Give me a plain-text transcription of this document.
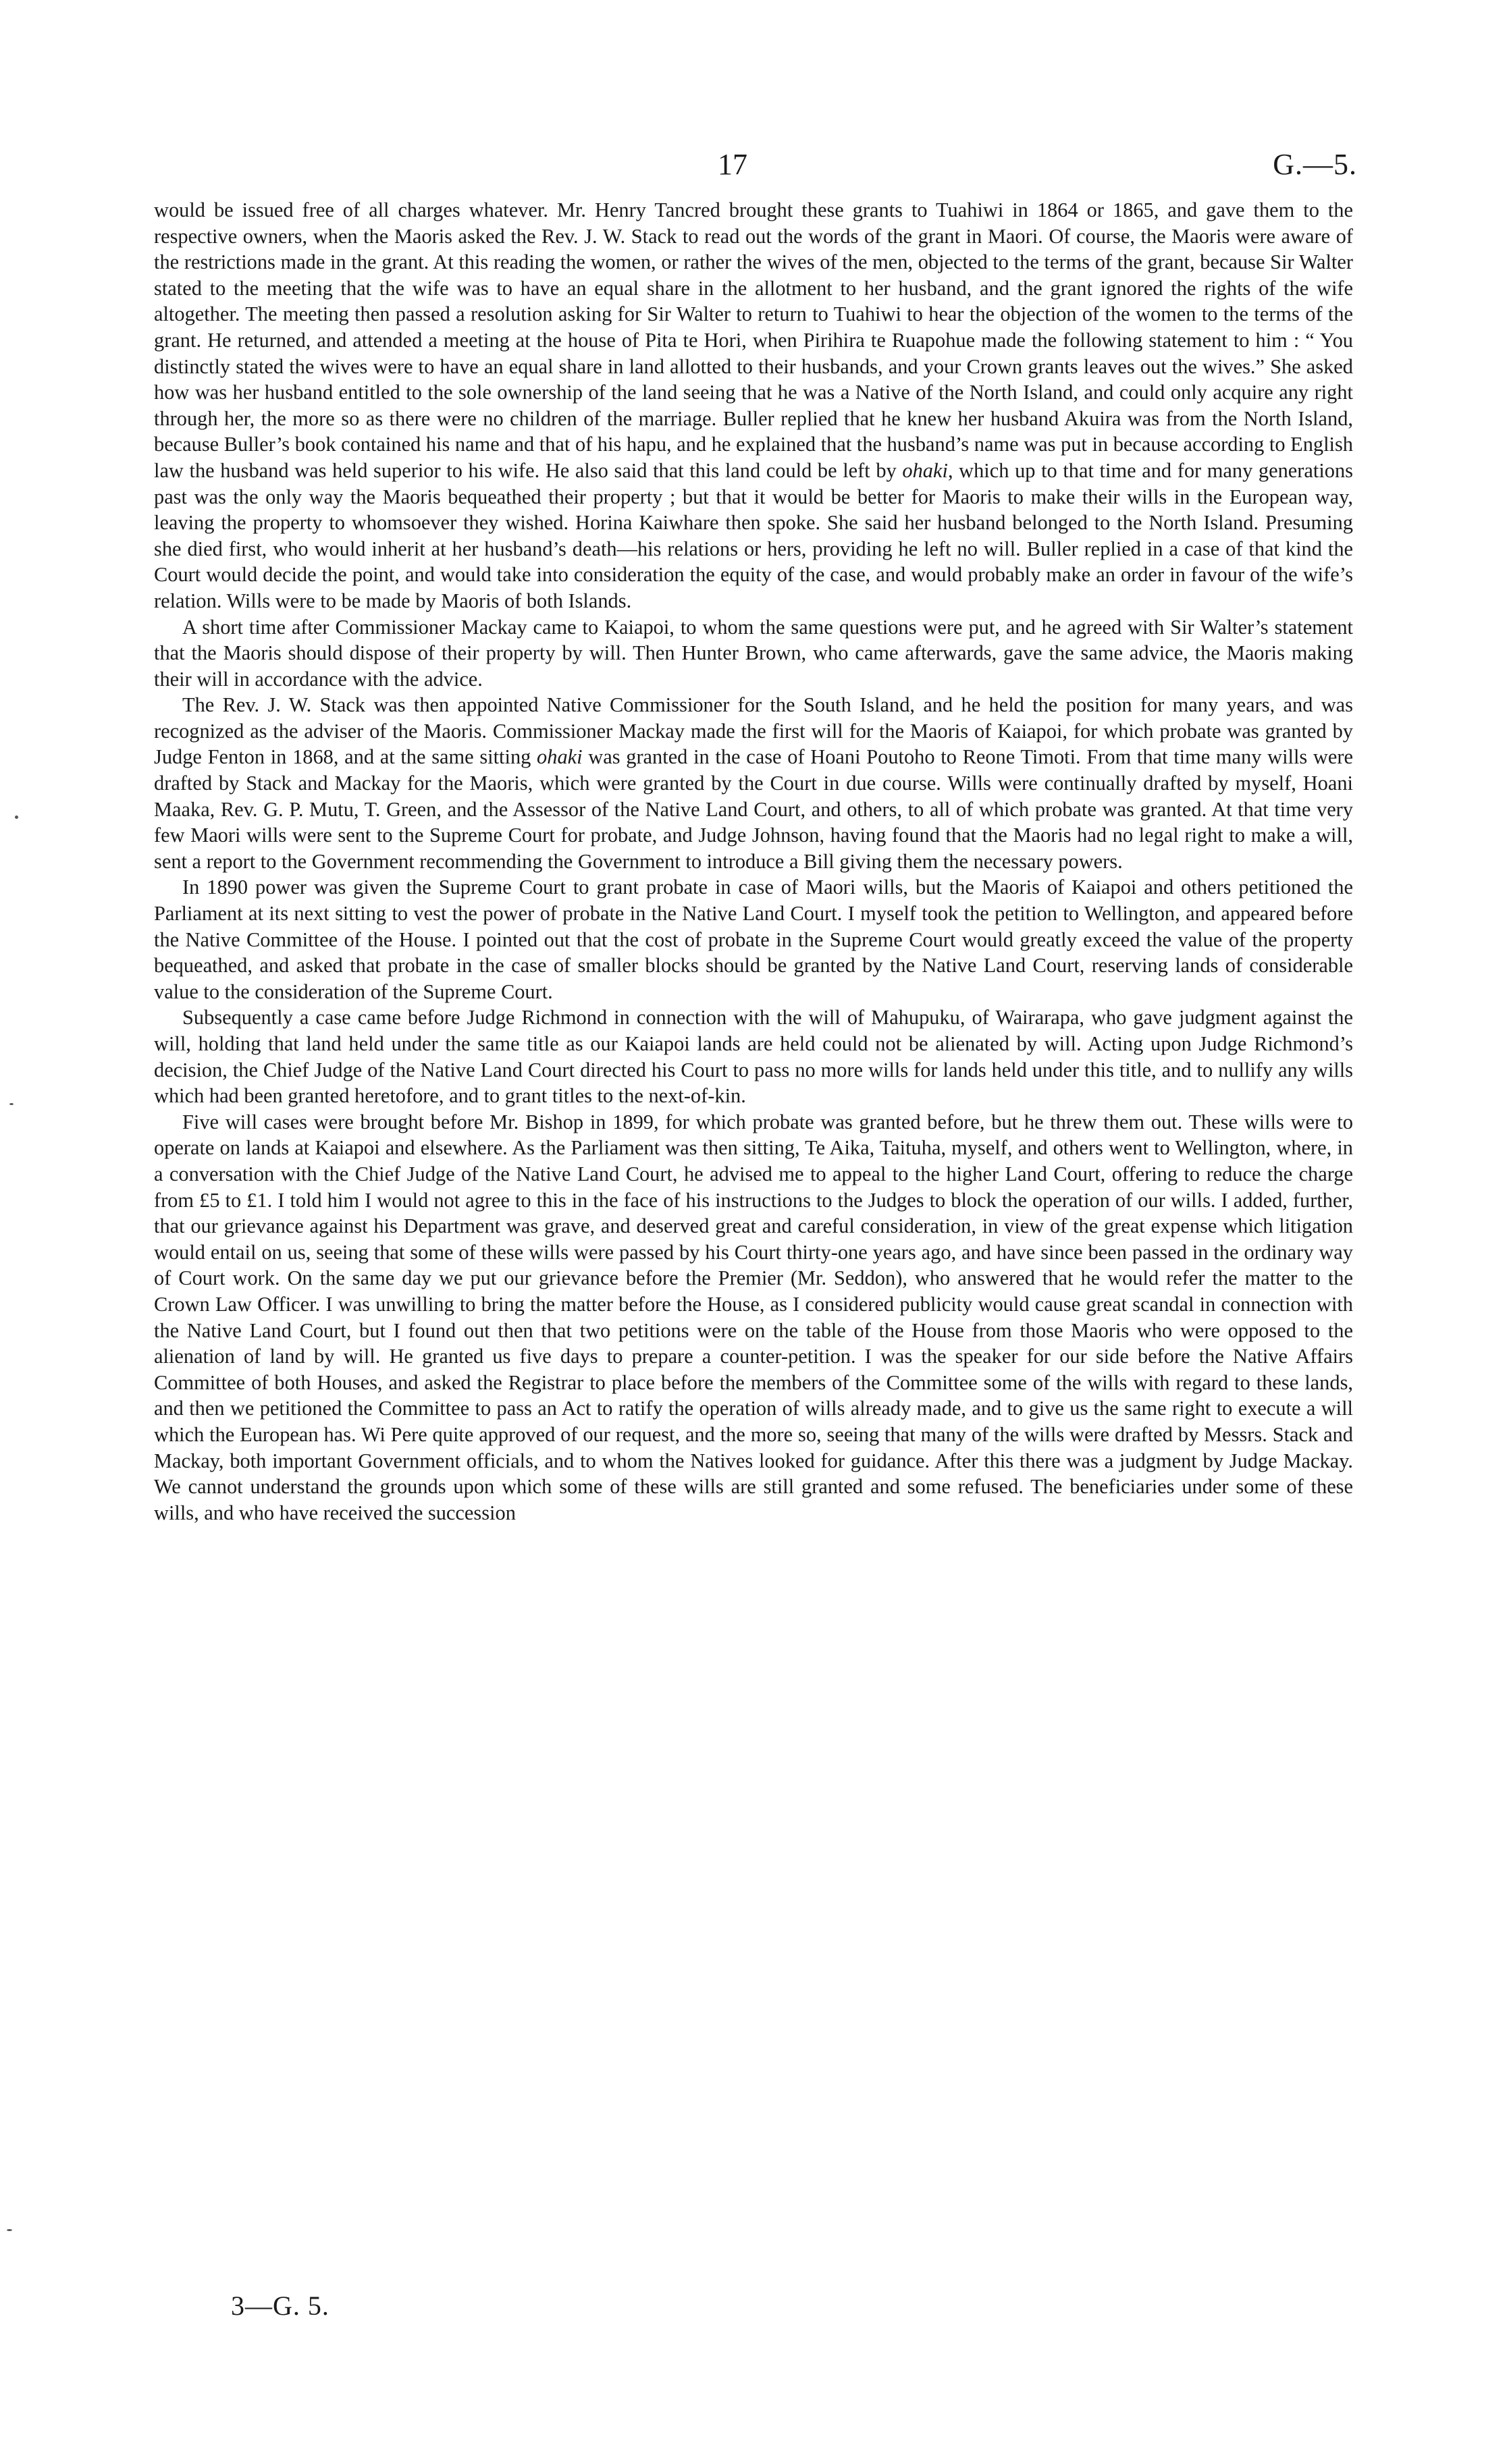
17	G.—5.

would be issued free of all charges whatever. Mr. Henry Tancred brought these grants to Tuahiwi in 1864 or 1865, and gave them to the respective owners, when the Maoris asked the Rev. J. W. Stack to read out the words of the grant in Maori. Of course, the Maoris were aware of the restrictions made in the grant. At this reading the women, or rather the wives of the men, objected to the terms of the grant, because Sir Walter stated to the meeting that the wife was to have an equal share in the allotment to her husband, and the grant ignored the rights of the wife altogether. The meeting then passed a resolution asking for Sir Walter to return to Tuahiwi to hear the objection of the women to the terms of the grant. He returned, and attended a meeting at the house of Pita te Hori, when Pirihira te Ruapohue made the following statement to him : “ You distinctly stated the wives were to have an equal share in land allotted to their husbands, and your Crown grants leaves out the wives.” She asked how was her husband entitled to the sole ownership of the land seeing that he was a Native of the North Island, and could only acquire any right through her, the more so as there were no children of the marriage. Buller replied that he knew her husband Akuira was from the North Island, because Buller’s book contained his name and that of his hapu, and he explained that the husband’s name was put in because according to English law the husband was held superior to his wife. He also said that this land could be left by ohaki, which up to that time and for many generations past was the only way the Maoris bequeathed their property ; but that it would be better for Maoris to make their wills in the European way, leaving the property to whomsoever they wished. Horina Kaiwhare then spoke. She said her husband belonged to the North Island. Presuming she died first, who would inherit at her husband’s death—his relations or hers, providing he left no will. Buller replied in a case of that kind the Court would decide the point, and would take into consideration the equity of the case, and would probably make an order in favour of the wife’s relation. Wills were to be made by Maoris of both Islands.

A short time after Commissioner Mackay came to Kaiapoi, to whom the same questions were put, and he agreed with Sir Walter’s statement that the Maoris should dispose of their property by will. Then Hunter Brown, who came afterwards, gave the same advice, the Maoris making their will in accordance with the advice.

The Rev. J. W. Stack was then appointed Native Commissioner for the South Island, and he held the position for many years, and was recognized as the adviser of the Maoris. Commissioner Mackay made the first will for the Maoris of Kaiapoi, for which probate was granted by Judge Fenton in 1868, and at the same sitting ohaki was granted in the case of Hoani Poutoho to Reone Timoti. From that time many wills were drafted by Stack and Mackay for the Maoris, which were granted by the Court in due course. Wills were continually drafted by myself, Hoani Maaka, Rev. G. P. Mutu, T. Green, and the Assessor of the Native Land Court, and others, to all of which probate was granted. At that time very few Maori wills were sent to the Supreme Court for probate, and Judge Johnson, having found that the Maoris had no legal right to make a will, sent a report to the Government recommending the Government to introduce a Bill giving them the necessary powers.

In 1890 power was given the Supreme Court to grant probate in case of Maori wills, but the Maoris of Kaiapoi and others petitioned the Parliament at its next sitting to vest the power of probate in the Native Land Court. I myself took the petition to Wellington, and appeared before the Native Committee of the House. I pointed out that the cost of probate in the Supreme Court would greatly exceed the value of the property bequeathed, and asked that probate in the case of smaller blocks should be granted by the Native Land Court, reserving lands of considerable value to the consideration of the Supreme Court.

Subsequently a case came before Judge Richmond in connection with the will of Mahupuku, of Wairarapa, who gave judgment against the will, holding that land held under the same title as our Kaiapoi lands are held could not be alienated by will. Acting upon Judge Richmond’s decision, the Chief Judge of the Native Land Court directed his Court to pass no more wills for lands held under this title, and to nullify any wills which had been granted heretofore, and to grant titles to the next-of-kin.

Five will cases were brought before Mr. Bishop in 1899, for which probate was granted before, but he threw them out. These wills were to operate on lands at Kaiapoi and elsewhere. As the Parliament was then sitting, Te Aika, Taituha, myself, and others went to Wellington, where, in a conversation with the Chief Judge of the Native Land Court, he advised me to appeal to the higher Land Court, offering to reduce the charge from £5 to £1. I told him I would not agree to this in the face of his instructions to the Judges to block the operation of our wills. I added, further, that our grievance against his Department was grave, and deserved great and careful consideration, in view of the great expense which litigation would entail on us, seeing that some of these wills were passed by his Court thirty-one years ago, and have since been passed in the ordinary way of Court work. On the same day we put our grievance before the Premier (Mr. Seddon), who answered that he would refer the matter to the Crown Law Officer. I was unwilling to bring the matter before the House, as I considered publicity would cause great scandal in connection with the Native Land Court, but I found out then that two petitions were on the table of the House from those Maoris who were opposed to the alienation of land by will. He granted us five days to prepare a counter-petition. I was the speaker for our side before the Native Affairs Committee of both Houses, and asked the Registrar to place before the members of the Committee some of the wills with regard to these lands, and then we petitioned the Committee to pass an Act to ratify the operation of wills already made, and to give us the same right to execute a will which the European has. Wi Pere quite approved of our request, and the more so, seeing that many of the wills were drafted by Messrs. Stack and Mackay, both important Government officials, and to whom the Natives looked for guidance. After this there was a judgment by Judge Mackay. We cannot understand the grounds upon which some of these wills are still granted and some refused. The beneficiaries under some of these wills, and who have received the succession

3—G. 5.
